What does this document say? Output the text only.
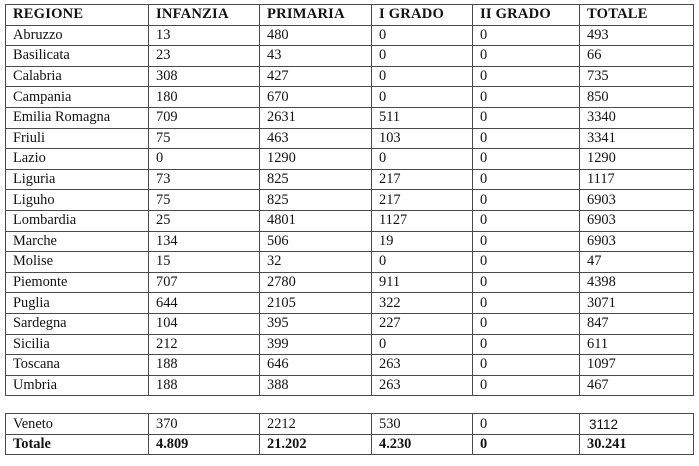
REGIONE	INFANZIA	PRIMARIA	I GRADO	II GRADO	TOTALE
Abruzzo	13	480	0	0	493
Basilicata	23	43	0	0	66
Calabria	308	427	0	0	735
Campania	180	670	0	0	850
Emilia Romagna	709	2631	511	0	3340
Friuli	75	463	103	0	3341
Lazio	0	1290	0	0	1290
Liguria	73	825	217	0	1117
Liguho	75	825	217	0	6903
Lombardia	25	4801	1127	0	6903
Marche	134	506	19	0	6903
Molise	15	32	0	0	47
Piemonte	707	2780	911	0	4398
Puglia	644	2105	322	0	3071
Sardegna	104	395	227	0	847
Sicilia	212	399	0	0	611
Toscana	188	646	263	0	1097
Umbria	188	388	263	0	467

Veneto	370	2212	530	0	3112
Totale	4.809	21.202	4.230	0	30.241
